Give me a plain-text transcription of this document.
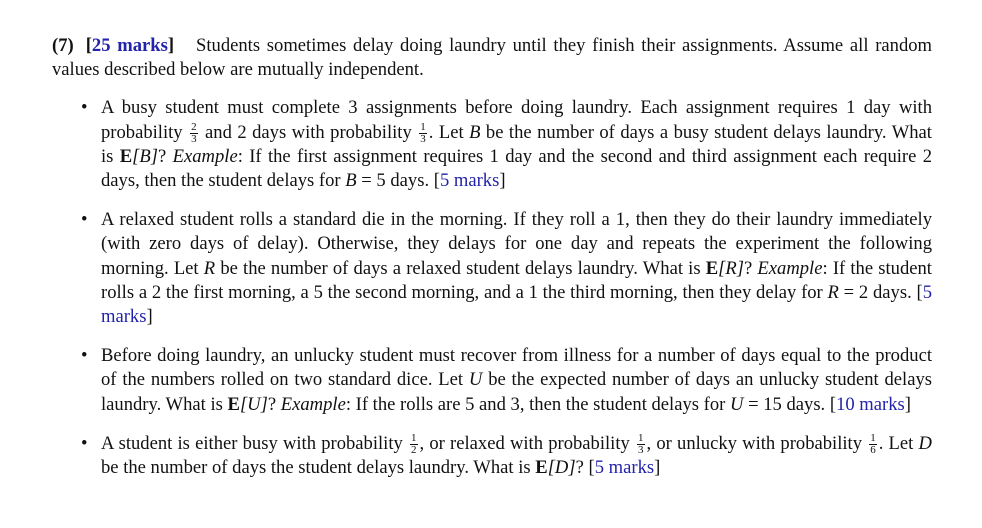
(7) [25 marks] Students sometimes delay doing laundry until they finish their assignments. Assume all random values described below are mutually independent.

• A busy student must complete 3 assignments before doing laundry. Each assignment requires 1 day with probability $\frac{2}{3}$ and 2 days with probability $\frac{1}{3}$ . Let B be the number of days a busy student delays laundry. What is E[B]? Example: If the first assignment requires 1 day and the second and third assignment each require 2 days, then the student delays for B = 5 days. [5 marks]
• A relaxed student rolls a standard die in the morning. If they roll a 1, then they do their laundry immediately (with zero days of delay). Otherwise, they delays for one day and repeats the experiment the following morning. Let R be the number of days a relaxed student delays laundry. What is E[R]? Example: If the student rolls a 2 the first morning, a 5 the second morning, and a 1 the third morning, then they delay for R = 2 days. [5 marks]
• Before doing laundry, an unlucky student must recover from illness for a number of days equal to the product of the numbers rolled on two standard dice. Let U be the expected number of days an unlucky student delays laundry. What is E[U]? Example: If the rolls are 5 and 3, then the student delays for U = 15 days. [10 marks]
• A student is either busy with probability $\frac{1}{2}$ , or relaxed with probability $\frac{1}{3}$ , or unlucky with probability $\frac{1}{6}$ . Let D be the number of days the student delays laundry. What is E[D]? [5 marks]
